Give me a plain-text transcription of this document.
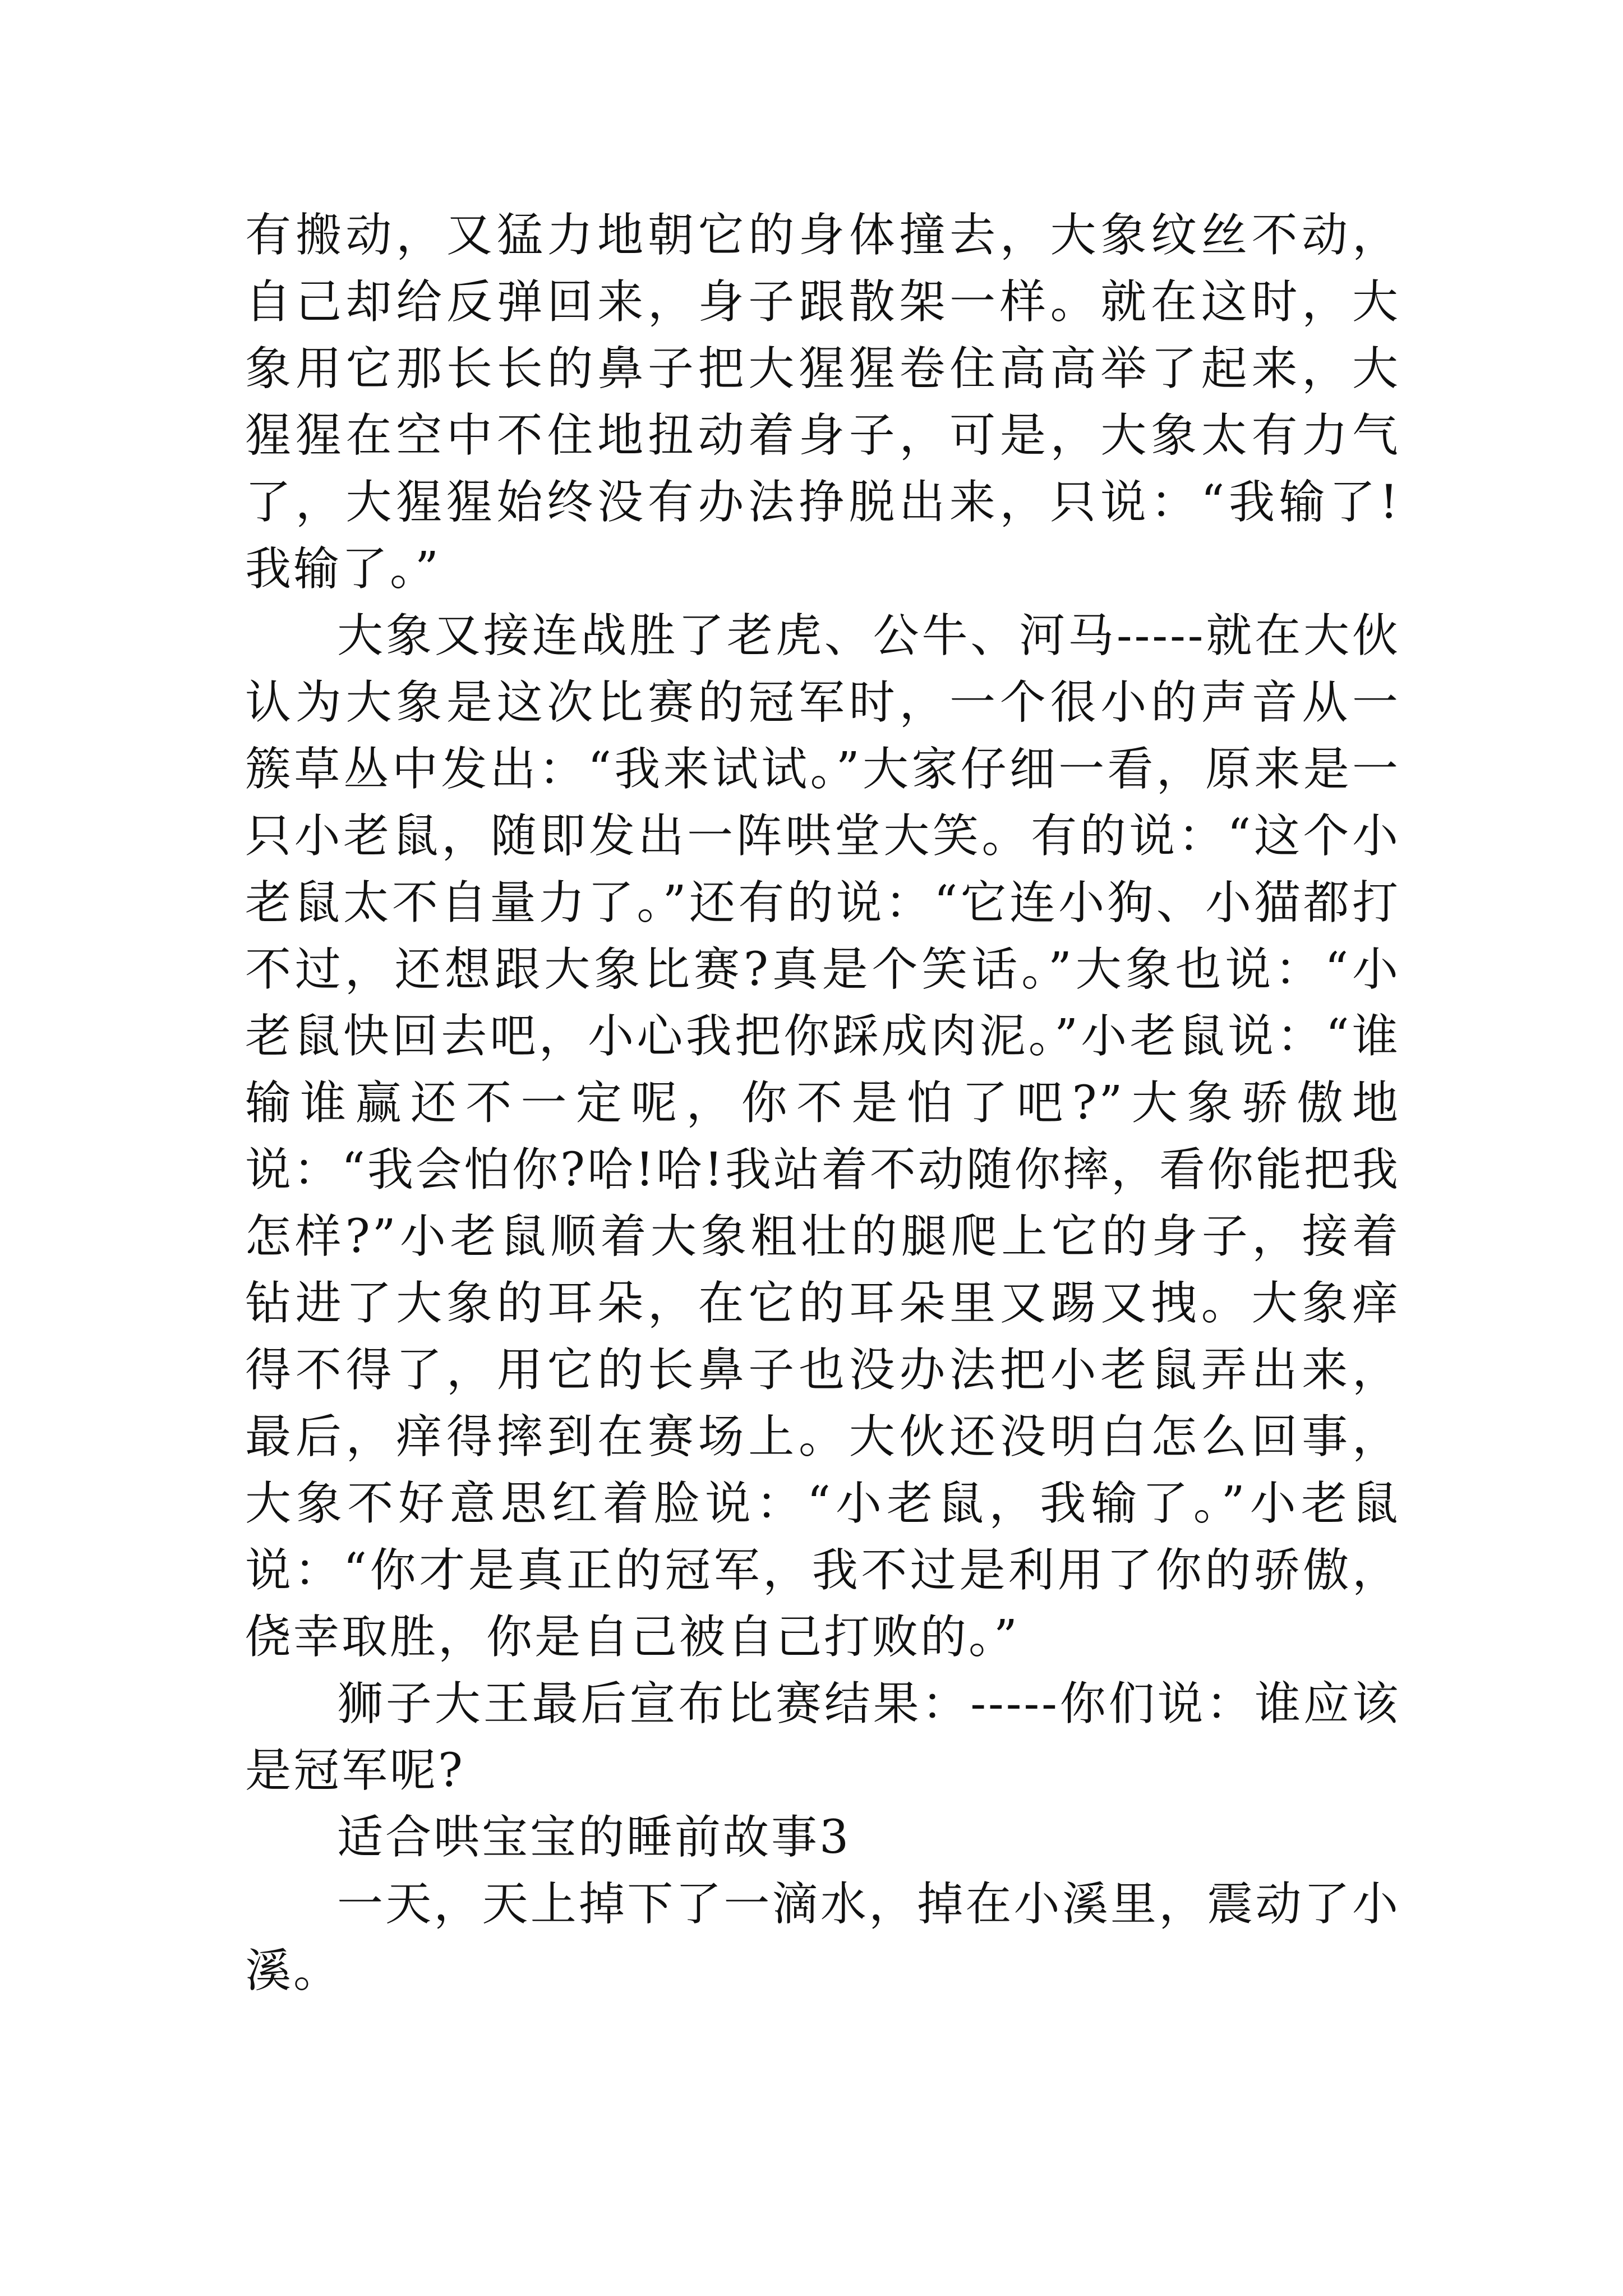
有搬动，又猛力地朝它的身体撞去，大象纹丝不动，自己却给反弹回来，身子跟散架一样。就在这时，大象用它那长长的鼻子把大猩猩卷住高高举了起来，大猩猩在空中不住地扭动着身子，可是，大象太有力气了，大猩猩始终没有办法挣脱出来，只说：“我输了!我输了。”

大象又接连战胜了老虎、公牛、河马-----就在大伙认为大象是这次比赛的冠军时，一个很小的声音从一簇草丛中发出：“我来试试。”大家仔细一看，原来是一只小老鼠，随即发出一阵哄堂大笑。有的说：“这个小老鼠太不自量力了。”还有的说：“它连小狗、小猫都打不过，还想跟大象比赛?真是个笑话。”大象也说：“小老鼠快回去吧，小心我把你踩成肉泥。”小老鼠说：“谁输谁赢还不一定呢，你不是怕了吧?”大象骄傲地说：“我会怕你?哈!哈!我站着不动随你摔，看你能把我怎样?”小老鼠顺着大象粗壮的腿爬上它的身子，接着钻进了大象的耳朵，在它的耳朵里又踢又拽。大象痒得不得了，用它的长鼻子也没办法把小老鼠弄出来，最后，痒得摔到在赛场上。大伙还没明白怎么回事，大象不好意思红着脸说：“小老鼠，我输了。”小老鼠说：“你才是真正的冠军，我不过是利用了你的骄傲，侥幸取胜，你是自己被自己打败的。”

狮子大王最后宣布比赛结果：-----你们说：谁应该是冠军呢?

适合哄宝宝的睡前故事3

一天，天上掉下了一滴水，掉在小溪里，震动了小溪。
